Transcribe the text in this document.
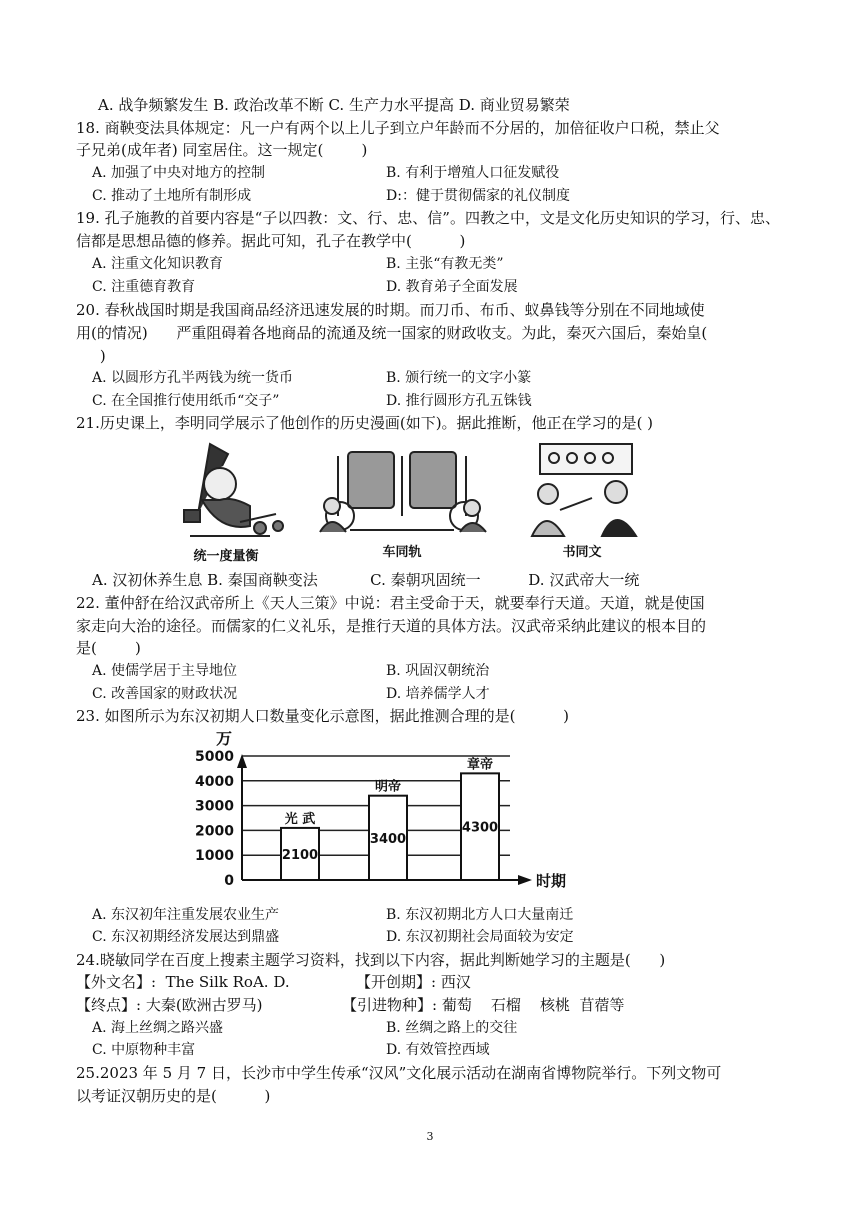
A. 战争频繁发生 B. 政治改革不断 C. 生产力水平提高 D. 商业贸易繁荣
18. 商鞅变法具体规定：凡一户有两个以上儿子到立户年龄而不分居的，加倍征收户口税，禁止父
子兄弟(成年者) 同室居住。这一规定(        )
A. 加强了中央对地方的控制	B. 有利于增殖人口征发赋役
C. 推动了土地所有制形成	D:：健于贯彻儒家的礼仪制度
19. 孔子施教的首要内容是“子以四教：文、行、忠、信”。四教之中，文是文化历史知识的学习，行、忠、
信都是思想品德的修养。据此可知，孔子在教学中(          )
A. 注重文化知识教育	B. 主张“有教无类”
C. 注重德育教育	D. 教育弟子全面发展
20. 春秋战国时期是我国商品经济迅速发展的时期。而刀币、布币、蚁鼻钱等分别在不同地域使
用(的情况)      严重阻碍着各地商品的流通及统一国家的财政收支。为此，秦灭六国后，秦始皇(
)
A. 以圆形方孔半两钱为统一货币	B. 颁行统一的文字小篆
C. 在全国推行使用纸币“交子”	D. 推行圆形方孔五铢钱
21.历史课上，李明同学展示了他创作的历史漫画(如下)。据此推断，他正在学习的是( )
统一度量衡	车同轨	书同文
A. 汉初休养生息 B. 秦国商鞅变法           C. 秦朝巩固统一          D. 汉武帝大一统
22. 董仲舒在给汉武帝所上《天人三策》中说：君主受命于天，就要奉行天道。天道，就是使国
家走向大治的途径。而儒家的仁义礼乐，是推行天道的具体方法。汉武帝采纳此建议的根本目的
是(        )
A. 使儒学居于主导地位	B. 巩固汉朝统治
C. 改善国家的财政状况	D. 培养儒学人才
23. 如图所示为东汉初期人口数量变化示意图，据此推测合理的是(          )
万
时期
0
1000
2000
3000
4000
5000
光 武
2100
明帝
3400
章帝
4300
A. 东汉初年注重发展农业生产	B. 东汉初期北方人口大量南迁
C. 东汉初期经济发展达到鼎盛	D. 东汉初期社会局面较为安定
24.晓敏同学在百度上搜素主题学习资料，找到以下内容，据此判断她学习的主题是(      )
【外文名】:  The Silk RoA. D.	【开创期】: 西汉
【终点】: 大秦(欧洲古罗马)	【引进物种】: 葡萄    石榴    核桃  苜蓿等
A. 海上丝绸之路兴盛	B. 丝绸之路上的交往
C. 中原物种丰富	D. 有效管控西域
25.2023 年 5 月 7 日，长沙市中学生传承“汉风”文化展示活动在湖南省博物院举行。下列文物可
以考证汉朝历史的是(          )
3
